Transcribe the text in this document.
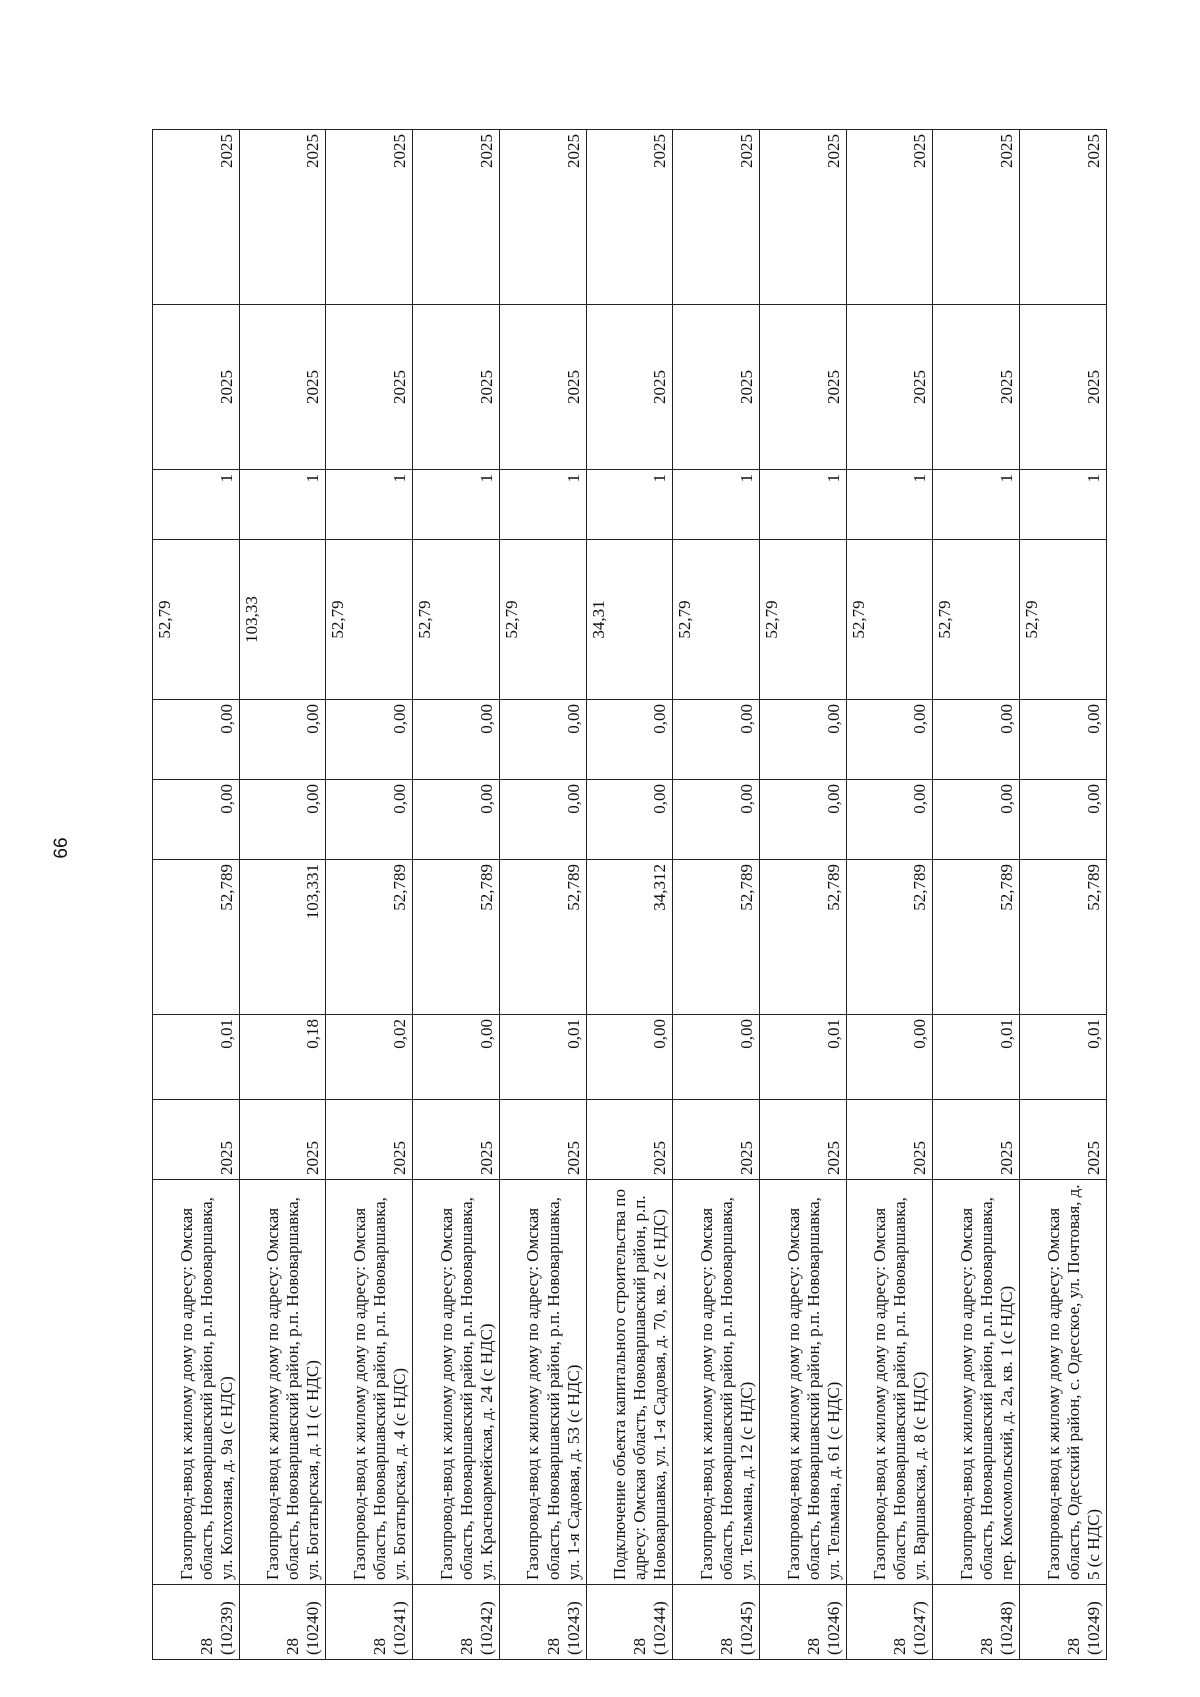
66
28 (10239)	Газопровод-ввод к жилому дому по адресу: Омская область, Нововаршавский район, р.п. Нововаршавка, ул. Колхозная, д. 9а (с НДС)	2025	0,01	52,789	0,00	0,00	52,79	1	2025	2025

28 (10240)	Газопровод-ввод к жилому дому по адресу: Омская область, Нововаршавский район, р.п. Нововаршавка, ул. Богатырская, д. 11 (с НДС)	2025	0,18	103,331	0,00	0,00	103,33	1	2025	2025

28 (10241)	Газопровод-ввод к жилому дому по адресу: Омская область, Нововаршавский район, р.п. Нововаршавка, ул. Богатырская, д. 4 (с НДС)	2025	0,02	52,789	0,00	0,00	52,79	1	2025	2025

28 (10242)	Газопровод-ввод к жилому дому по адресу: Омская область, Нововаршавский район, р.п. Нововаршавка, ул. Красноармейская, д. 24 (с НДС)	2025	0,00	52,789	0,00	0,00	52,79	1	2025	2025

28 (10243)	Газопровод-ввод к жилому дому по адресу: Омская область, Нововаршавский район, р.п. Нововаршавка, ул. 1-я Садовая, д. 53 (с НДС)	2025	0,01	52,789	0,00	0,00	52,79	1	2025	2025

28 (10244)	Подключение объекта капитального строительства по адресу: Омская область, Нововаршавский район, р.п. Нововаршавка, ул. 1-я Садовая, д. 70, кв. 2 (с НДС)	2025	0,00	34,312	0,00	0,00	34,31	1	2025	2025

28 (10245)	Газопровод-ввод к жилому дому по адресу: Омская область, Нововаршавский район, р.п. Нововаршавка, ул. Тельмана, д. 12 (с НДС)	2025	0,00	52,789	0,00	0,00	52,79	1	2025	2025

28 (10246)	Газопровод-ввод к жилому дому по адресу: Омская область, Нововаршавский район, р.п. Нововаршавка, ул. Тельмана, д. 61 (с НДС)	2025	0,01	52,789	0,00	0,00	52,79	1	2025	2025

28 (10247)	Газопровод-ввод к жилому дому по адресу: Омская область, Нововаршавский район, р.п. Нововаршавка, ул. Варшавская, д. 8 (с НДС)	2025	0,00	52,789	0,00	0,00	52,79	1	2025	2025

28 (10248)	Газопровод-ввод к жилому дому по адресу: Омская область, Нововаршавский район, р.п. Нововаршавка, пер. Комсомольский, д. 2а, кв. 1 (с НДС)	2025	0,01	52,789	0,00	0,00	52,79	1	2025	2025

28 (10249)	Газопровод-ввод к жилому дому по адресу: Омская область, Одесский район, с. Одесское, ул. Почтовая, д. 5 (с НДС)	2025	0,01	52,789	0,00	0,00	52,79	1	2025	2025
